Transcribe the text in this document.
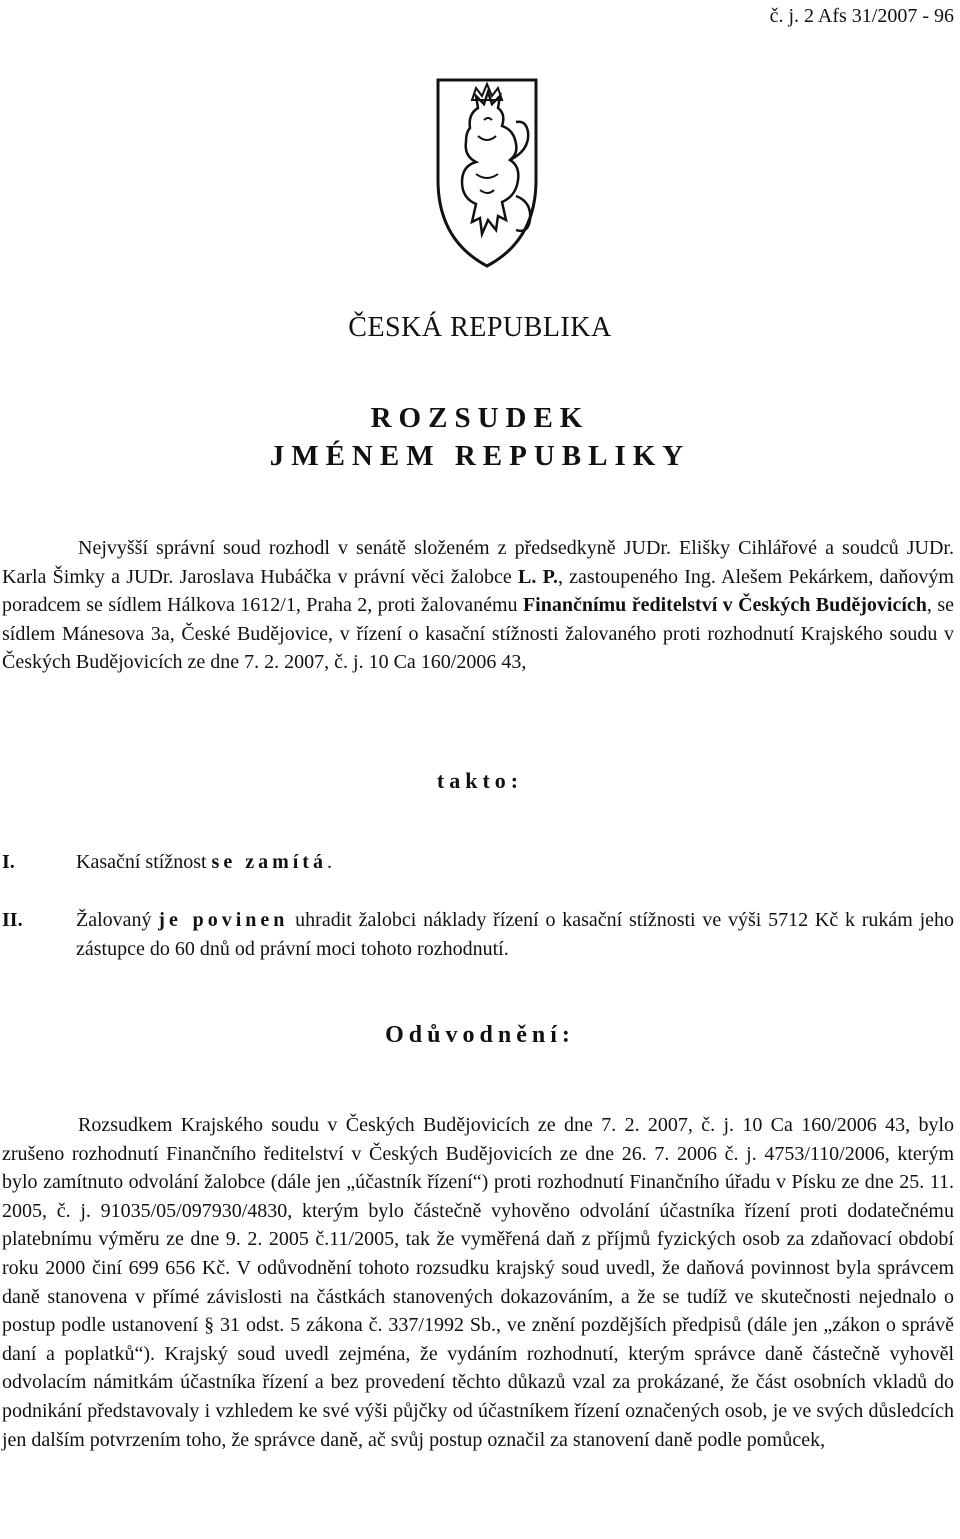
č. j. 2 Afs 31/2007 - 96
ČESKÁ REPUBLIKA
ROZSUDEK
JMÉNEM REPUBLIKY
Nejvyšší správní soud rozhodl v senátě složeném z předsedkyně JUDr. Elišky Cihlářové a soudců JUDr. Karla Šimky a JUDr. Jaroslava Hubáčka v právní věci žalobce L. P., zastoupeného Ing. Alešem Pekárkem, daňovým poradcem se sídlem Hálkova 1612/1, Praha 2, proti žalovanému Finančnímu ředitelství v Českých Budějovicích, se sídlem Mánesova 3a, České Budějovice, v řízení o kasační stížnosti žalovaného proti rozhodnutí Krajského soudu v Českých Budějovicích ze dne 7. 2. 2007, č. j. 10 Ca 160/2006 43,
takto:
I.	Kasační stížnost se zamítá.
II.	Žalovaný je povinen uhradit žalobci náklady řízení o kasační stížnosti ve výši 5712 Kč k rukám jeho zástupce do 60 dnů od právní moci tohoto rozhodnutí.
Odůvodnění:
Rozsudkem Krajského soudu v Českých Budějovicích ze dne 7. 2. 2007, č. j. 10 Ca 160/2006 43, bylo zrušeno rozhodnutí Finančního ředitelství v Českých Budějovicích ze dne 26. 7. 2006 č. j. 4753/110/2006, kterým bylo zamítnuto odvolání žalobce (dále jen „účastník řízení“) proti rozhodnutí Finančního úřadu v Písku ze dne 25. 11. 2005, č. j. 91035/05/097930/4830, kterým bylo částečně vyhověno odvolání účastníka řízení proti dodatečnému platebnímu výměru ze dne 9. 2. 2005 č.11/2005, tak že vyměřená daň z příjmů fyzických osob za zdaňovací období roku 2000 činí 699 656 Kč. V odůvodnění tohoto rozsudku krajský soud uvedl, že daňová povinnost byla správcem daně stanovena v přímé závislosti na částkách stanovených dokazováním, a že se tudíž ve skutečnosti nejednalo o postup podle ustanovení § 31 odst. 5 zákona č. 337/1992 Sb., ve znění pozdějších předpisů (dále jen „zákon o správě daní a poplatků“). Krajský soud uvedl zejména, že vydáním rozhodnutí, kterým správce daně částečně vyhověl odvolacím námitkám účastníka řízení a bez provedení těchto důkazů vzal za prokázané, že část osobních vkladů do podnikání představovaly i vzhledem ke své výši půjčky od účastníkem řízení označených osob, je ve svých důsledcích jen dalším potvrzením toho, že správce daně, ač svůj postup označil za stanovení daně podle pomůcek,
